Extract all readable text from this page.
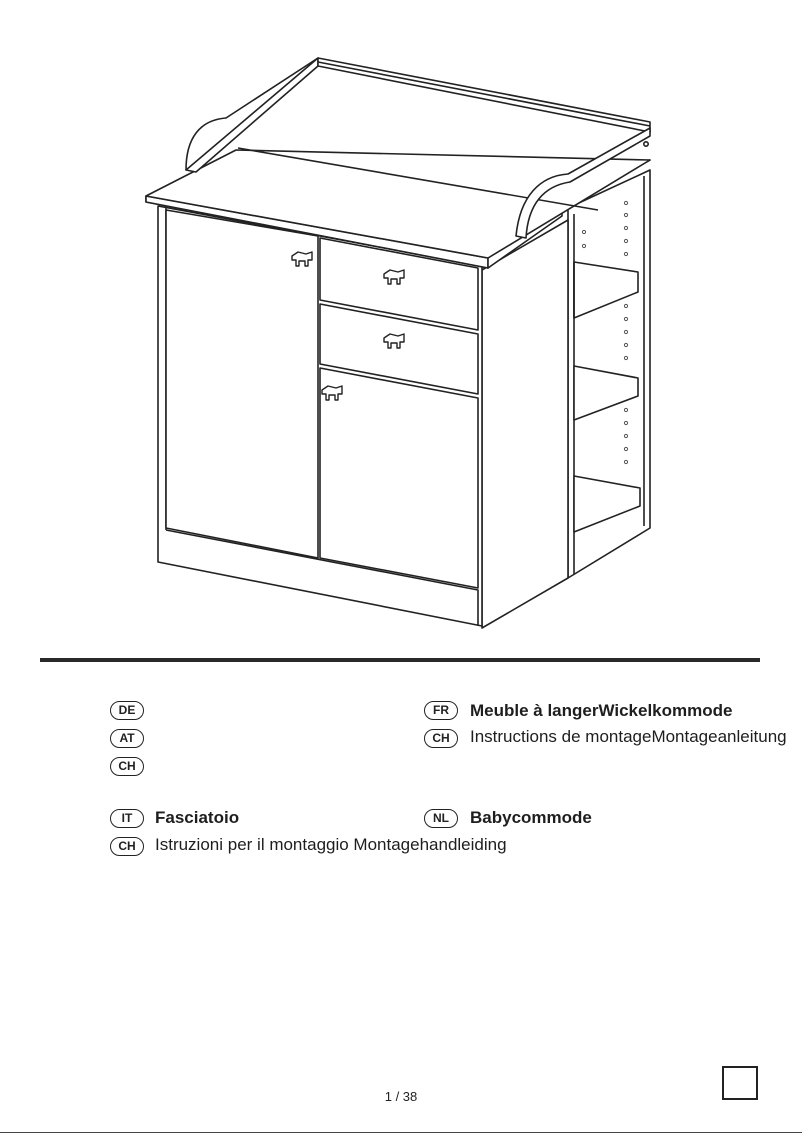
DE
AT
CH
FR	Meuble à langerWickelkommode
CH	Instructions de montageMontageanleitung
IT	Fasciatoio
CH	Istruzioni per il montaggio Montagehandleiding
NL	Babycommode
1 / 38
